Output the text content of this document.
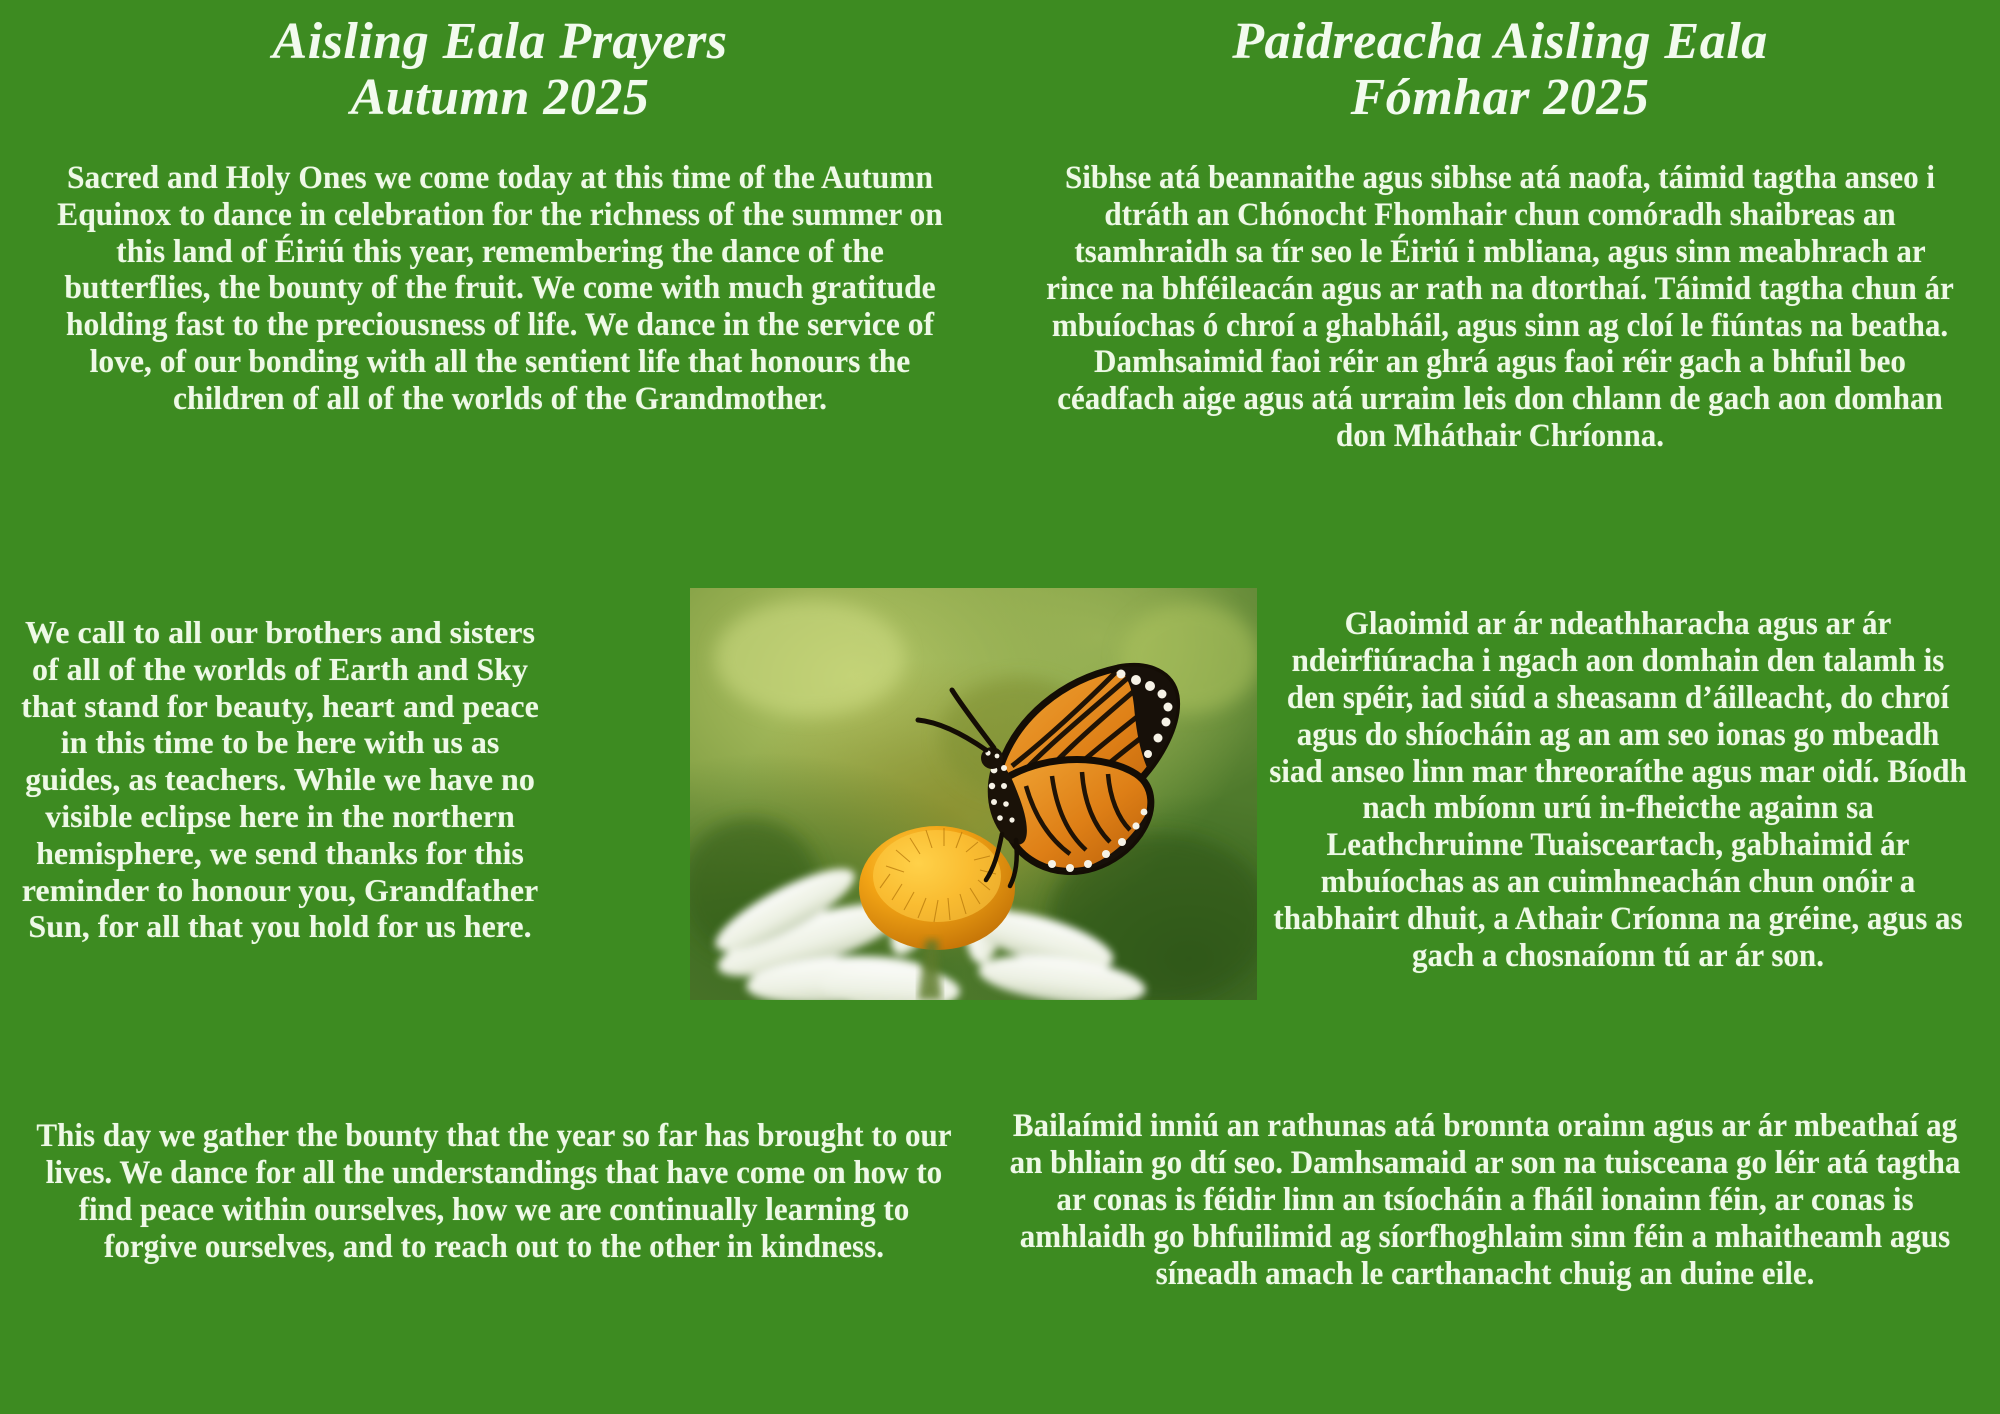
Aisling Eala Prayers
Autumn 2025

Sacred and Holy Ones we come today at this time of the Autumn Equinox to dance in celebration for the richness of the summer on this land of Éiriú this year, remembering the dance of the butterflies, the bounty of the fruit. We come with much gratitude holding fast to the preciousness of life. We dance in the service of love, of our bonding with all the sentient life that honours the children of all of the worlds of the Grandmother.

We call to all our brothers and sisters of all of the worlds of Earth and Sky that stand for beauty, heart and peace in this time to be here with us as guides, as teachers. While we have no visible eclipse here in the northern hemisphere, we send thanks for this reminder to honour you, Grandfather Sun, for all that you hold for us here.

This day we gather the bounty that the year so far has brought to our lives. We dance for all the understandings that have come on how to find peace within ourselves, how we are continually learning to forgive ourselves, and to reach out to the other in kindness.

Paidreacha Aisling Eala
Fómhar 2025

Sibhse atá beannaithe agus sibhse atá naofa, táimid tagtha anseo i dtráth an Chónocht Fhomhair chun comóradh shaibreas an tsamhraidh sa tír seo le Éiriú i mbliana, agus sinn meabhrach ar rince na bhféileacán agus ar rath na dtorthaí. Táimid tagtha chun ár mbuíochas ó chroí a ghabháil, agus sinn ag cloí le fiúntas na beatha. Damhsaimid faoi réir an ghrá agus faoi réir gach a bhfuil beo céadfach aige agus atá urraim leis don chlann de gach aon domhan don Mháthair Chríonna.

Glaoimid ar ár ndeathharacha agus ar ár ndeirfiúracha i ngach aon domhain den talamh is den spéir, iad siúd a sheasann d’áilleacht, do chroí agus do shíocháin ag an am seo ionas go mbeadh siad anseo linn mar threoraíthe agus mar oidí. Bíodh nach mbíonn urú in-fheicthe againn sa Leathchruinne Tuaisceartach, gabhaimid ár mbuíochas as an cuimhneachán chun onóir a thabhairt dhuit, a Athair Críonna na gréine, agus as gach a chosnaíonn tú ar ár son.

Bailaímid inniú an rathunas atá bronnta orainn agus ar ár mbeathaí ag an bhliain go dtí seo. Damhsamaid ar son na tuisceana go léir atá tagtha ar conas is féidir linn an tsíocháin a fháil ionainn féin, ar conas is amhlaidh go bhfuilimid ag síorfhoghlaim sinn féin a mhaitheamh agus síneadh amach le carthanacht chuig an duine eile.
